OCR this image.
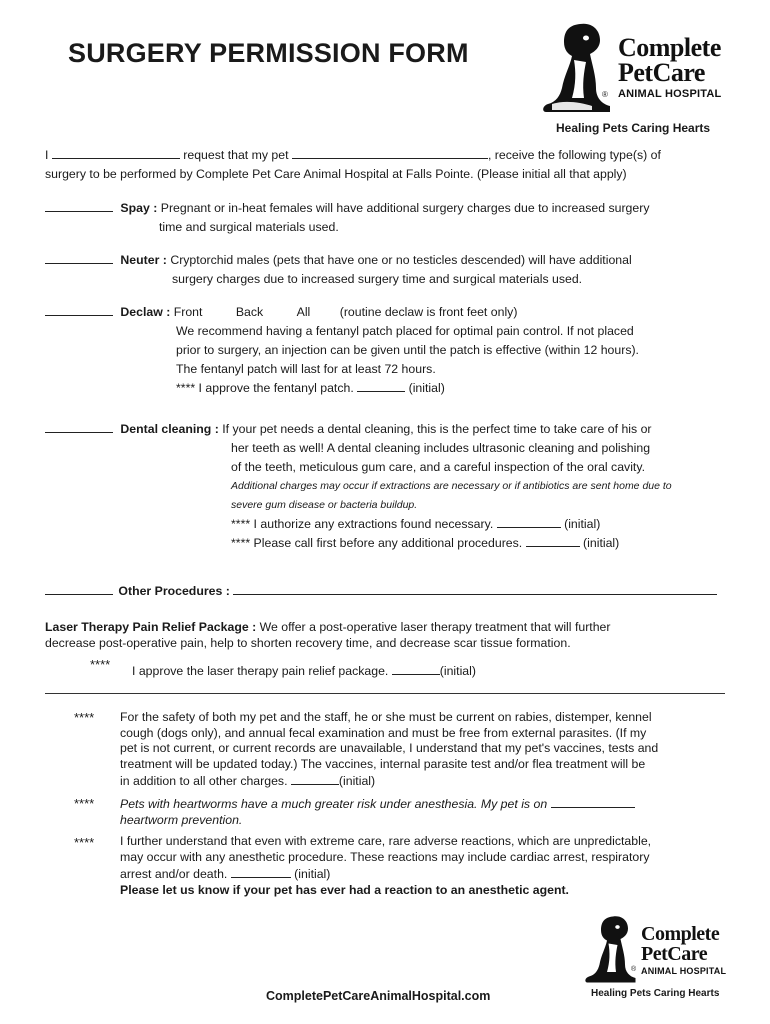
SURGERY PERMISSION FORM	Complete
PetCare
ANIMAL HOSPITAL
®
Healing Pets Caring Hearts
I	request that my pet	, receive the following type(s) of
surgery to be performed by Complete Pet Care Animal Hospital at Falls Pointe. (Please initial all that apply)
Spay : Pregnant or in-heat females will have additional surgery charges due to increased surgery
time and surgical materials used.
Neuter : Cryptorchid males (pets that have one or no testicles descended) will have additional
surgery charges due to increased surgery time and surgical materials used.
Declaw : Front	Back	All (routine declaw is front feet only)
We recommend having a fentanyl patch placed for optimal pain control. If not placed
prior to surgery, an injection can be given until the patch is effective (within 12 hours).
The fentanyl patch will last for at least 72 hours.
**** I approve the fentanyl patch.	(initial)
Dental cleaning : If your pet needs a dental cleaning, this is the perfect time to take care of his or
her teeth as well! A dental cleaning includes ultrasonic cleaning and polishing
of the teeth, meticulous gum care, and a careful inspection of the oral cavity.
Additional charges may occur if extractions are necessary or if antibiotics are sent home due to
severe gum disease or bacteria buildup.
**** I authorize any extractions found necessary.	(initial)
**** Please call first before any additional procedures.	(initial)
Other Procedures :
Laser Therapy Pain Relief Package : We offer a post-operative laser therapy treatment that will further
decrease post-operative pain, help to shorten recovery time, and decrease scar tissue formation.
**** I approve the laser therapy pain relief package.	(initial)
**** For the safety of both my pet and the staff, he or she must be current on rabies, distemper, kennel
cough (dogs only), and annual fecal examination and must be free from external parasites. (If my
pet is not current, or current records are unavailable, I understand that my pet's vaccines, tests and
treatment will be updated today.) The vaccines, internal parasite test and/or flea treatment will be
in addition to all other charges.	(initial)
**** Pets with heartworms have a much greater risk under anesthesia. My pet is on
heartworm prevention.
**** I further understand that even with extreme care, rare adverse reactions, which are unpredictable,
may occur with any anesthetic procedure. These reactions may include cardiac arrest, respiratory
arrest and/or death.	(initial)
Please let us know if your pet has ever had a reaction to an anesthetic agent.
Complete
PetCare
ANIMAL HOSPITAL
®
Healing Pets Caring Hearts
CompletePetCareAnimalHospital.com
